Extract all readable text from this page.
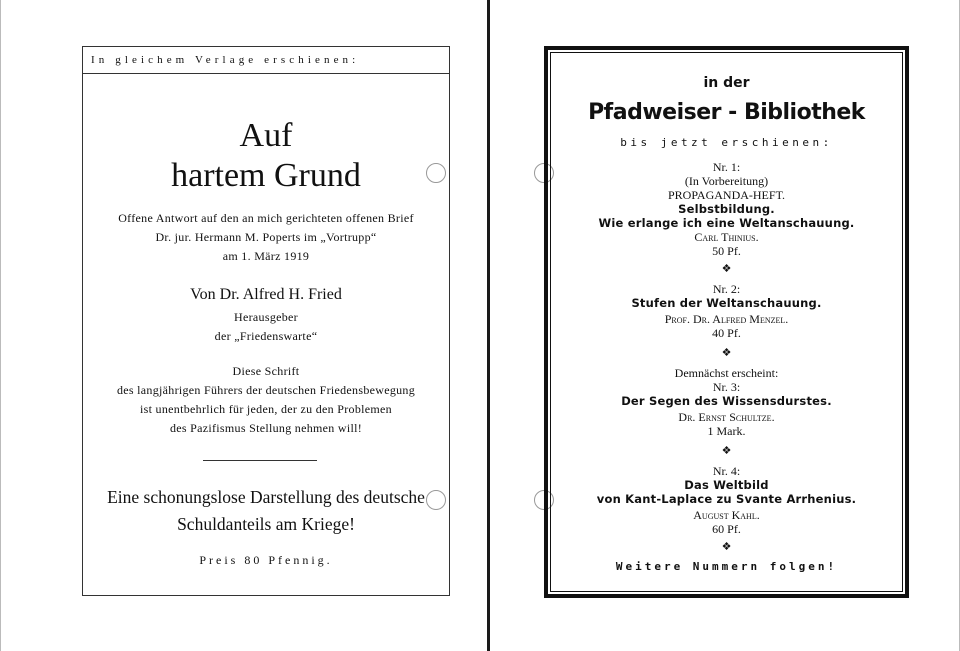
In gleichem Verlage erschienen:
Auf
hartem Grund
Offene Antwort auf den an mich gerichteten offenen Brief
Dr. jur. Hermann M. Poperts im „Vortrupp“
am 1. März 1919
Von Dr. Alfred H. Fried
Herausgeber
der „Friedenswarte“
Diese Schrift
des langjährigen Führers der deutschen Friedensbewegung
ist unentbehrlich für jeden, der zu den Problemen
des Pazifismus Stellung nehmen will!
Eine schonungslose Darstellung des deutsche
Schuldanteils am Kriege!
Preis 80 Pfennig.
in der
Pfadweiser - Bibliothek
bis jetzt erschienen:
Nr. 1:
(In Vorbereitung)
PROPAGANDA-HEFT.
Selbstbildung.
Wie erlange ich eine Weltanschauung.
Carl Thinius.
50 Pf.
❖
Nr. 2:
Stufen der Weltanschauung.
Prof. Dr. Alfred Menzel.
40 Pf.
❖
Demnächst erscheint:
Nr. 3:
Der Segen des Wissensdurstes.
Dr. Ernst Schultze.
1 Mark.
❖
Nr. 4:
Das Weltbild
von Kant-Laplace zu Svante Arrhenius.
August Kahl.
60 Pf.
❖
Weitere Nummern folgen!
